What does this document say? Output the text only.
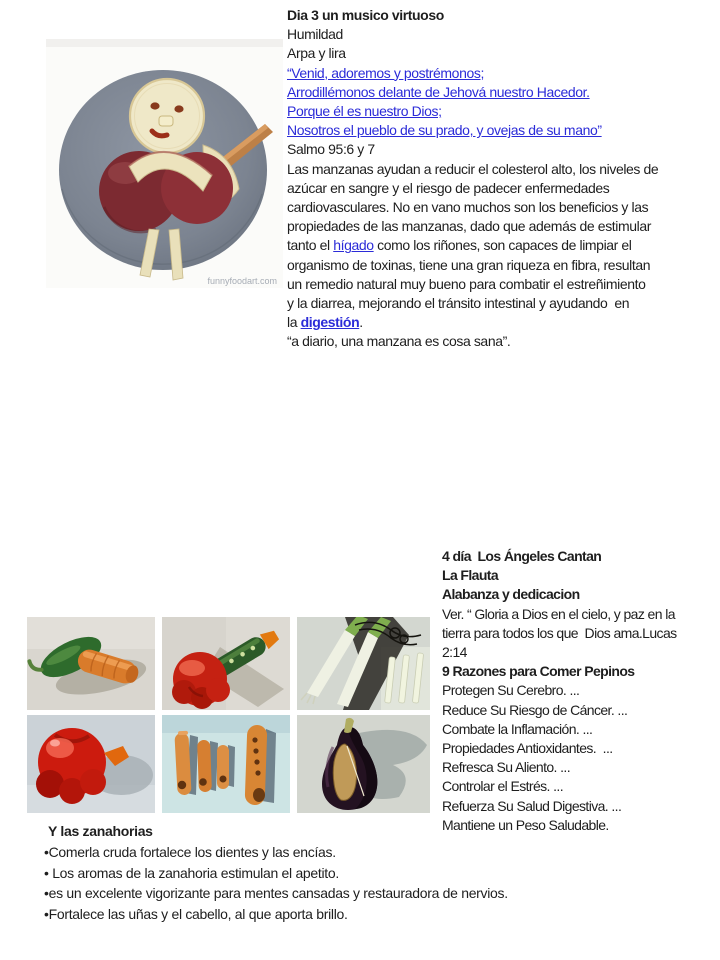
funnyfoodart.com
Dia 3 un musico virtuoso
Humildad
Arpa y lira
“Venid, adoremos y postrémonos;
Arrodillémonos delante de Jehová nuestro Hacedor.
Porque él es nuestro Dios;
Nosotros el pueblo de su prado, y ovejas de su mano”
Salmo 95:6 y 7
Las manzanas ayudan a reducir el colesterol alto, los niveles de
azúcar en sangre y el riesgo de padecer enfermedades
cardiovasculares. No en vano muchos son los beneficios y las
propiedades de las manzanas, dado que además de estimular
tanto el hígado como los riñones, son capaces de limpiar el
organismo de toxinas, tiene una gran riqueza en fibra, resultan
un remedio natural muy bueno para combatir el estreñimiento
y la diarrea, mejorando el tránsito intestinal y ayudando  en
la digestión.
“a diario, una manzana es cosa sana”.
4 día  Los Ángeles Cantan
La Flauta
Alabanza y dedicacion
Ver. “ Gloria a Dios en el cielo, y paz en la
tierra para todos los que  Dios ama.Lucas
2:14
9 Razones para Comer Pepinos
Protegen Su Cerebro. ...
Reduce Su Riesgo de Cáncer. ...
Combate la Inflamación. ...
Propiedades Antioxidantes.  ...
Refresca Su Aliento. ...
Controlar el Estrés. ...
Refuerza Su Salud Digestiva. ...
Mantiene un Peso Saludable.
Y las zanahorias
•Comerla cruda fortalece los dientes y las encías.
• Los aromas de la zanahoria estimulan el apetito.
•es un excelente vigorizante para mentes cansadas y restauradora de nervios.
•Fortalece las uñas y el cabello, al que aporta brillo.
